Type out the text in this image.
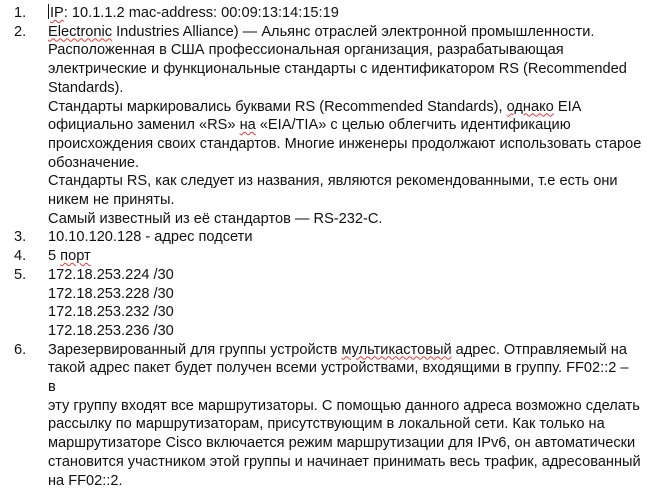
1. IP: 10.1.1.2 mac-address: 00:09:13:14:15:19
2. Electronic Industries Alliance) — Альянс отраслей электронной промышленности.
Расположенная в США профессиональная организация, разрабатывающая
электрические и функциональные стандарты с идентификатором RS (Recommended
Standards).
Стандарты маркировались буквами RS (Recommended Standards), однако EIA
официально заменил «RS» на «EIA/TIA» с целью облегчить идентификацию
происхождения своих стандартов. Многие инженеры продолжают использовать старое
обозначение.
Стандарты RS, как следует из названия, являются рекомендованными, т.е есть они
никем не приняты.
Самый известный из её стандартов — RS-232-C.
3. 10.10.120.128 - адрес подсети
4. 5 порт
5. 172.18.253.224 /30
172.18.253.228 /30
172.18.253.232 /30
172.18.253.236 /30
6. Зарезервированный для группы устройств мультикастовый адрес. Отправляемый на
такой адрес пакет будет получен всеми устройствами, входящими в группу. FF02::2 –
в
эту группу входят все маршрутизаторы. С помощью данного адреса возможно сделать
рассылку по маршрутизаторам, присутствующим в локальной сети. Как только на
маршрутизаторе Cisco включается режим маршрутизации для IPv6, он автоматически
становится участником этой группы и начинает принимать весь трафик, адресованный
на FF02::2.
